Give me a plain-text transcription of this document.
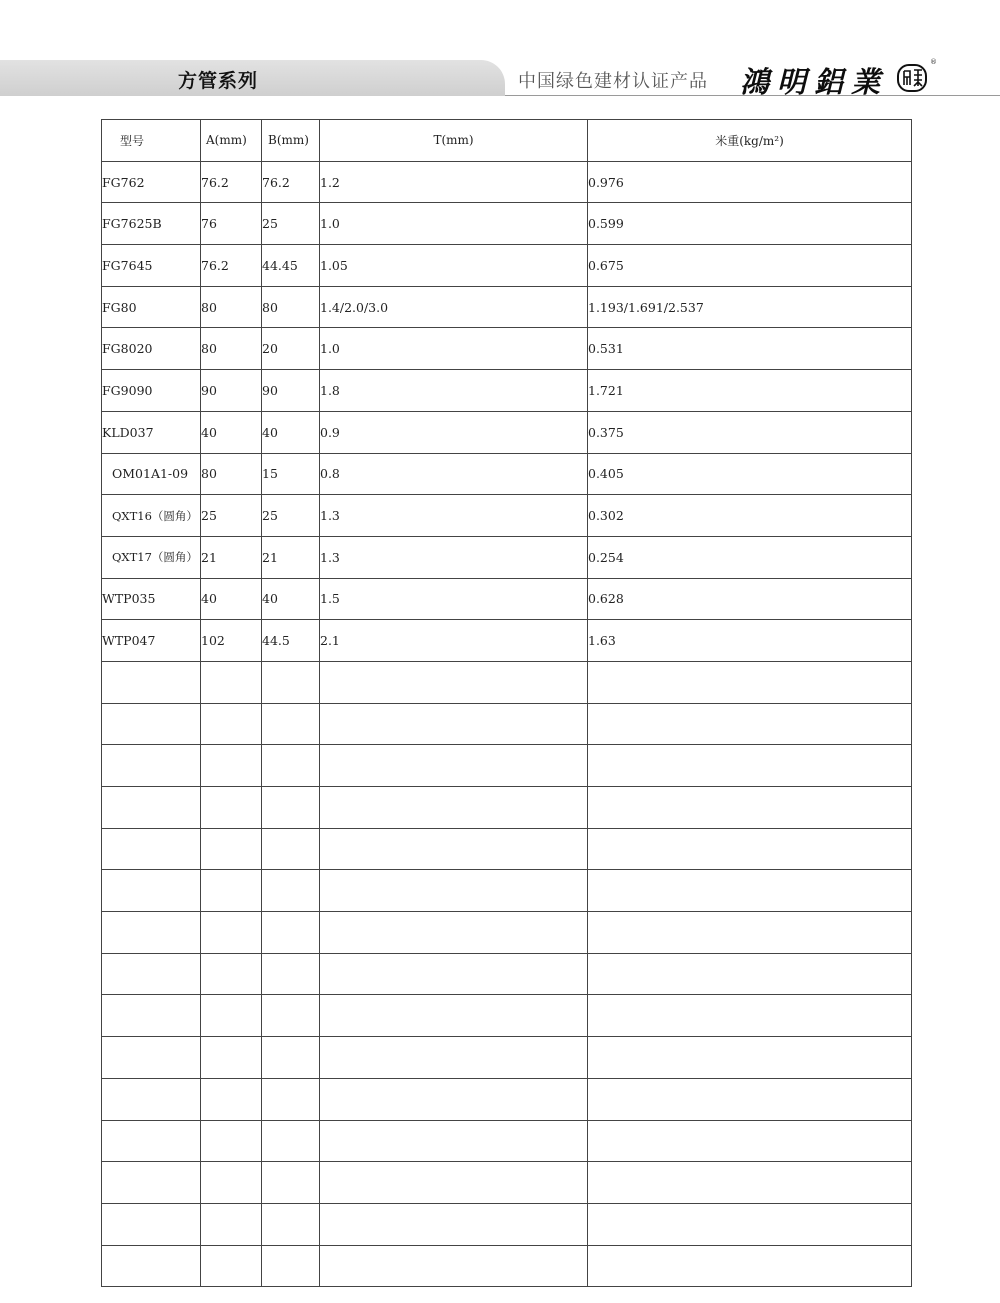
方管系列	中国绿色建材认证产品 鴻明鋁業
®
型号	A(mm)	B(mm)	T(mm)	米重(kg/m²)
FG762	76.2	76.2	1.2	0.976
FG7625B	76	25	1.0	0.599
FG7645	76.2	44.45	1.05	0.675
FG80	80	80	1.4/2.0/3.0	1.193/1.691/2.537
FG8020	80	20	1.0	0.531
FG9090	90	90	1.8	1.721
KLD037	40	40	0.9	0.375
OM01A1-09	80	15	0.8	0.405
QXT16（圆角）	25	25	1.3	0.302
QXT17（圆角）	21	21	1.3	0.254
WTP035	40	40	1.5	0.628
WTP047	102	44.5	2.1	1.63
